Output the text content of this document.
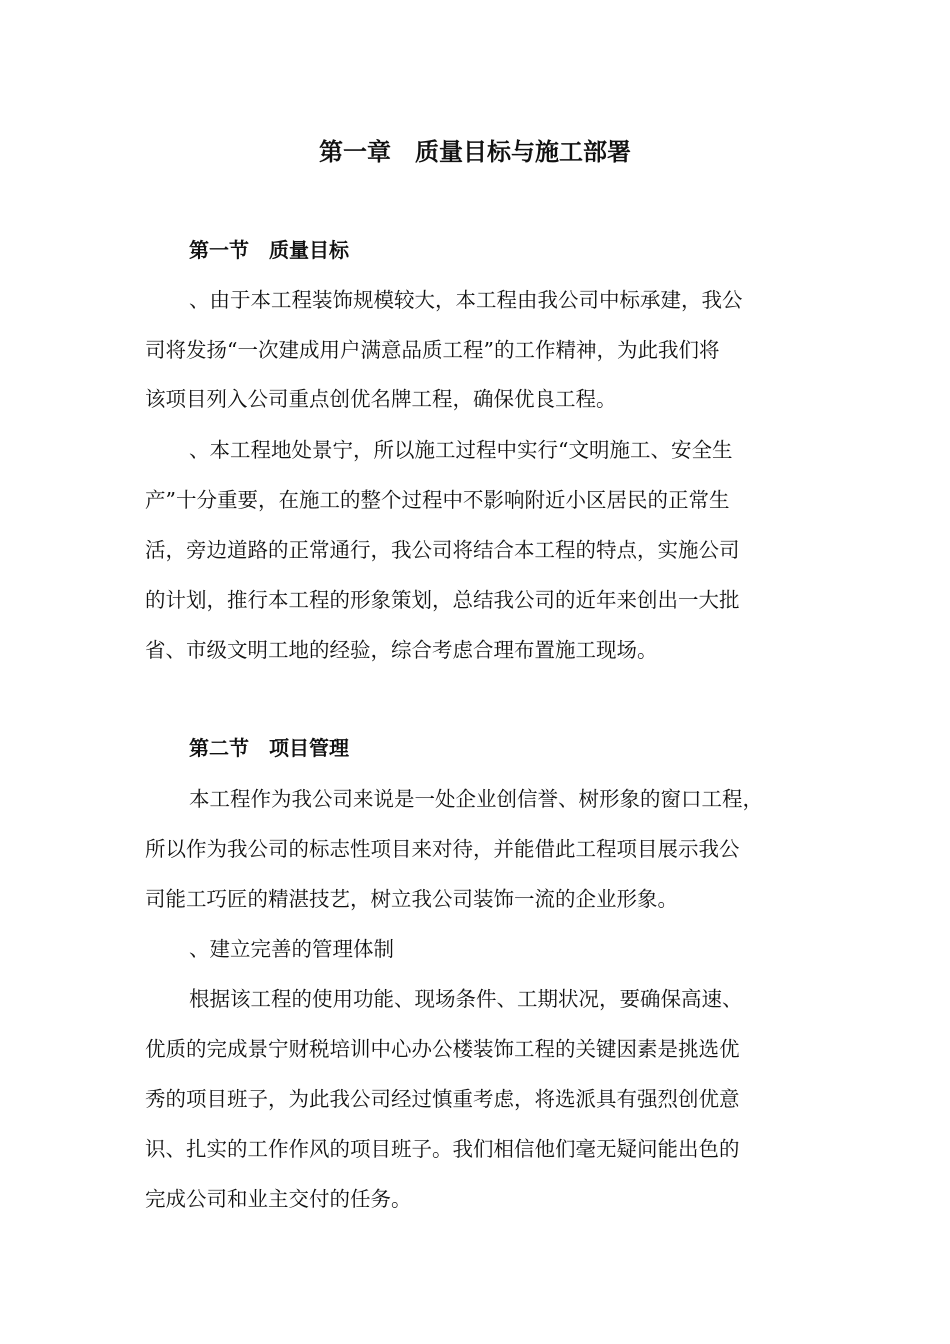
第一章　质量目标与施工部署
第一节　质量目标

、由于本工程装饰规模较大，本工程由我公司中标承建，我公

司将发扬“一次建成用户满意品质工程”的工作精神，为此我们将

该项目列入公司重点创优名牌工程，确保优良工程。

、本工程地处景宁，所以施工过程中实行“文明施工、安全生

产”十分重要，在施工的整个过程中不影响附近小区居民的正常生

活，旁边道路的正常通行，我公司将结合本工程的特点，实施公司

的计划，推行本工程的形象策划，总结我公司的近年来创出一大批

省、市级文明工地的经验，综合考虑合理布置施工现场。

第二节　项目管理

本工程作为我公司来说是一处企业创信誉、树形象的窗口工程，

所以作为我公司的标志性项目来对待，并能借此工程项目展示我公

司能工巧匠的精湛技艺，树立我公司装饰一流的企业形象。

、建立完善的管理体制

根据该工程的使用功能、现场条件、工期状况，要确保高速、

优质的完成景宁财税培训中心办公楼装饰工程的关键因素是挑选优

秀的项目班子，为此我公司经过慎重考虑，将选派具有强烈创优意

识、扎实的工作作风的项目班子。我们相信他们毫无疑问能出色的

完成公司和业主交付的任务。
